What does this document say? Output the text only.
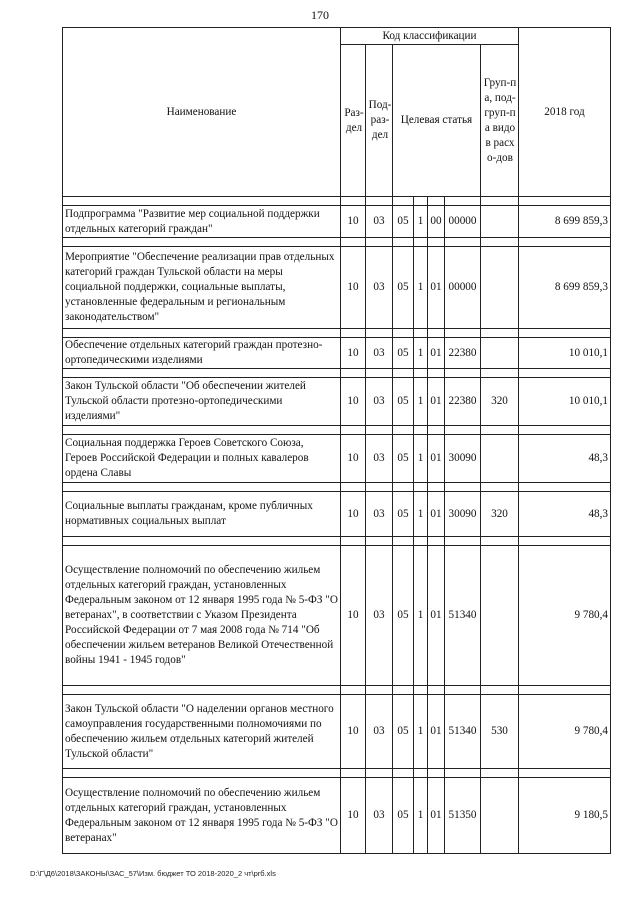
170
Наименование	Код классификации							2018 год
	Раз-дел	Под-раз-дел	Целевая статья				Груп-па, под-груп-па видов расхо-дов	

Подпрограмма "Развитие мер социальной поддержки отдельных категорий граждан"	10	03	05	1	00	00000		8 699 859,3

Мероприятие "Обеспечение реализации прав отдельных категорий граждан Тульской области на меры социальной поддержки, социальные выплаты, установленные федеральным и региональным законодательством"	10	03	05	1	01	00000		8 699 859,3

Обеспечение отдельных категорий граждан протезно-ортопедическими изделиями	10	03	05	1	01	22380		10 010,1

Закон Тульской области "Об обеспечении жителей Тульской области протезно-ортопедическими изделиями"	10	03	05	1	01	22380	320	10 010,1

Социальная поддержка Героев Советского Союза, Героев Российской Федерации и полных кавалеров ордена Славы	10	03	05	1	01	30090		48,3

Социальные выплаты гражданам, кроме публичных нормативных социальных выплат	10	03	05	1	01	30090	320	48,3

Осуществление полномочий по обеспечению жильем отдельных категорий граждан, установленных Федеральным законом от 12 января 1995 года № 5-ФЗ "О ветеранах", в соответствии с Указом Президента Российской Федерации от 7 мая 2008 года № 714 "Об обеспечении жильем ветеранов Великой Отечественной войны 1941 - 1945 годов"	10	03	05	1	01	51340		9 780,4

Закон Тульской области "О наделении органов местного самоуправления государственными полномочиями по обеспечению жильем отдельных категорий жителей Тульской области"	10	03	05	1	01	51340	530	9 780,4

Осуществление полномочий по обеспечению жильем отдельных категорий граждан, установленных Федеральным законом от 12 января 1995 года № 5-ФЗ "О ветеранах"	10	03	05	1	01	51350		9 180,5
D:\Г\Д6\2018\ЗАКОНЫ\ЗАС_57\Изм. бюджет ТО 2018-2020_2 чт\prб.xls
